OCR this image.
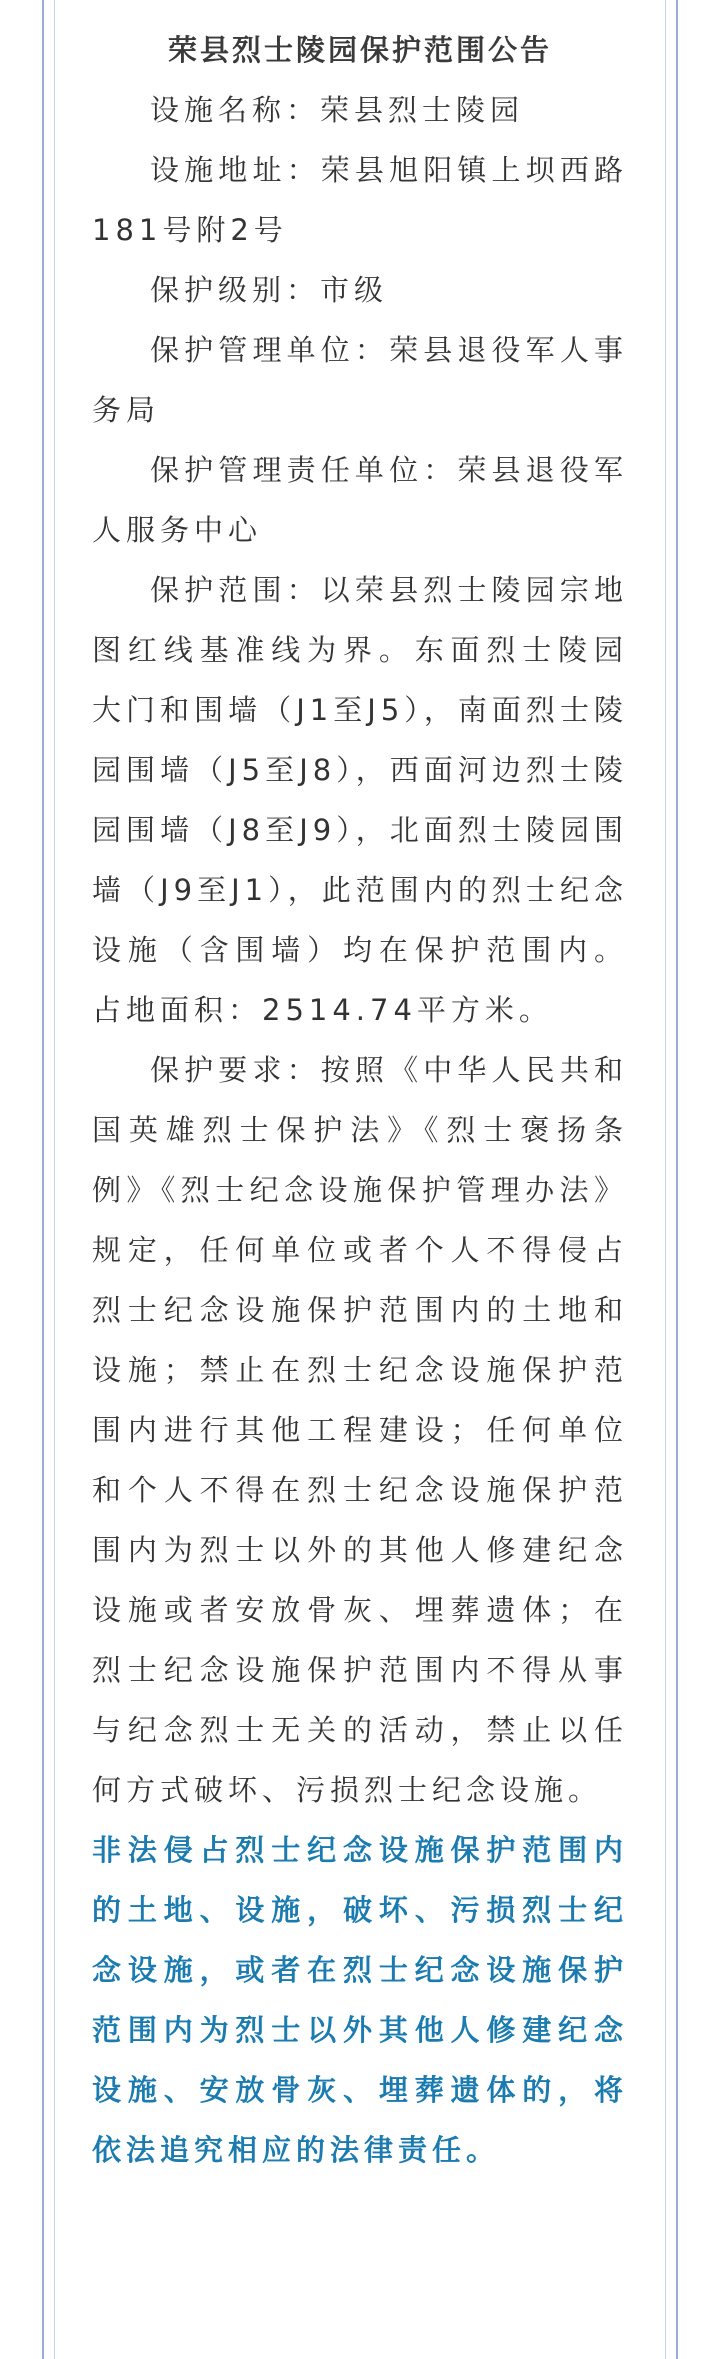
荣县烈士陵园保护范围公告

设施名称：荣县烈士陵园

设施地址：荣县旭阳镇上坝西路181号附2号

保护级别：市级

保护管理单位：荣县退役军人事务局

保护管理责任单位：荣县退役军人服务中心

保护范围：以荣县烈士陵园宗地图红线基准线为界。东面烈士陵园大门和围墙（J1至J5），南面烈士陵园围墙（J5至J8），西面河边烈士陵园围墙（J8至J9），北面烈士陵园围墙（J9至J1），此范围内的烈士纪念设施（含围墙）均在保护范围内。占地面积：2514.74平方米。

保护要求：按照《中华人民共和国英雄烈士保护法》《烈士褒扬条例》《烈士纪念设施保护管理办法》规定，任何单位或者个人不得侵占烈士纪念设施保护范围内的土地和设施；禁止在烈士纪念设施保护范围内进行其他工程建设；任何单位和个人不得在烈士纪念设施保护范围内为烈士以外的其他人修建纪念设施或者安放骨灰、埋葬遗体；在烈士纪念设施保护范围内不得从事与纪念烈士无关的活动，禁止以任何方式破坏、污损烈士纪念设施。

非法侵占烈士纪念设施保护范围内的土地、设施，破坏、污损烈士纪念设施，或者在烈士纪念设施保护范围内为烈士以外其他人修建纪念设施、安放骨灰、埋葬遗体的，将依法追究相应的法律责任。
